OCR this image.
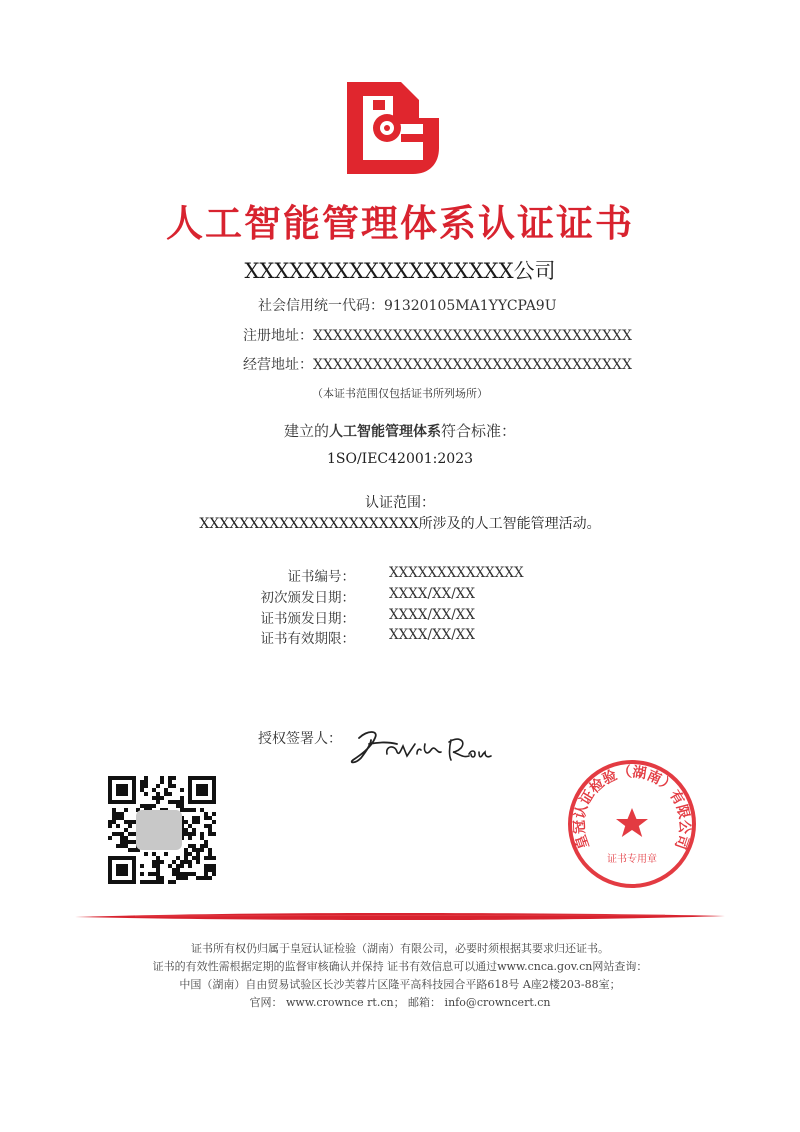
人工智能管理体系认证证书
XXXXXXXXXXXXXXXXXX公司
社会信用统一代码：91320105MA1YYCPA9U
注册地址：XXXXXXXXXXXXXXXXXXXXXXXXXXXXXXXX
经营地址：XXXXXXXXXXXXXXXXXXXXXXXXXXXXXXXX
（本证书范围仅包括证书所列场所）
建立的人工智能管理体系符合标准：
1SO/IEC42001:2023
认证范围：
XXXXXXXXXXXXXXXXXXXXXX所涉及的人工智能管理活动。
证书编号：	XXXXXXXXXXXXXX
初次颁发日期：	XXXX/XX/XX
证书颁发日期：	XXXX/XX/XX
证书有效期限：	XXXX/XX/XX
授权签署人：
皇冠认证检验（湖南）有限公司
证书专用章
证书所有权仍归属于皇冠认证检验（湖南）有限公司，必要时须根据其要求归还证书。
证书的有效性需根据定期的监督审核确认并保持 证书有效信息可以通过www.cnca.gov.cn网站查询：
中国（湖南）自由贸易试验区长沙芙蓉片区隆平高科技园合平路618号 A座2楼203-88室；
官网： www.crownce rt.cn； 邮箱： info@crowncert.cn
